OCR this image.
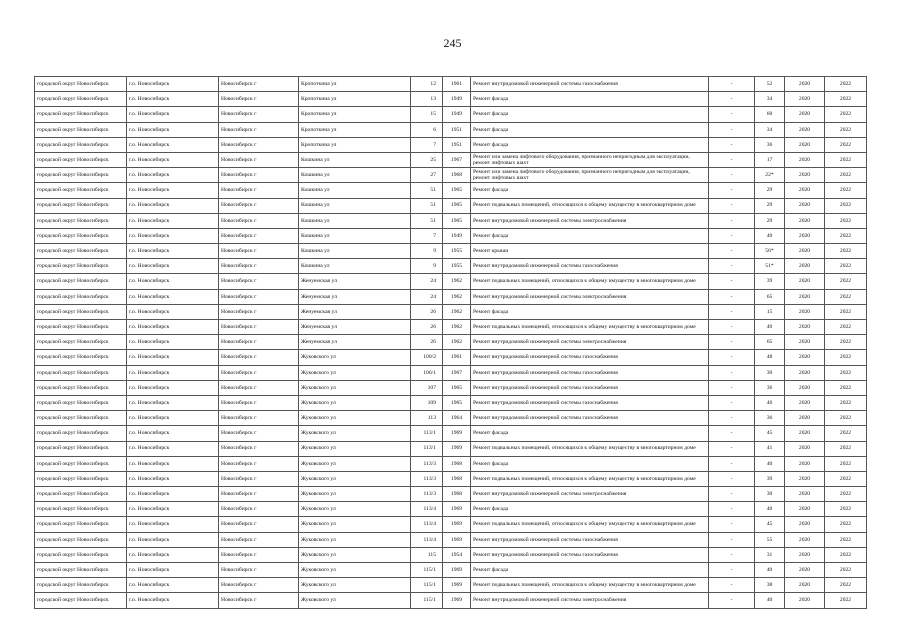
245
городской округ Новосибирск	г.о. Новосибирск	Новосибирск г	Кропоткина ул	12	1961	Ремонт внутридомовой инженерной системы газоснабжения	-	52	2020	2022
городской округ Новосибирск	г.о. Новосибирск	Новосибирск г	Кропоткина ул	13	1949	Ремонт фасада	-	34	2020	2022
городской округ Новосибирск	г.о. Новосибирск	Новосибирск г	Кропоткина ул	15	1949	Ремонт фасада	-	60	2020	2022
городской округ Новосибирск	г.о. Новосибирск	Новосибирск г	Кропоткина ул	6	1951	Ремонт фасада	-	34	2020	2022
городской округ Новосибирск	г.о. Новосибирск	Новосибирск г	Кропоткина ул	7	1951	Ремонт фасада	-	36	2020	2022
городской округ Новосибирск	г.о. Новосибирск	Новосибирск г	Кошкина ул	25	1967	Ремонт или замена лифтового оборудования, признанного непригодным для эксплуатации, ремонт лифтовых шахт	-	17	2020	2022
городской округ Новосибирск	г.о. Новосибирск	Новосибирск г	Кошкина ул	27	1968	Ремонт или замена лифтового оборудования, признанного непригодным для эксплуатации, ремонт лифтовых шахт	-	22*	2020	2022
городской округ Новосибирск	г.о. Новосибирск	Новосибирск г	Кошкина ул	51	1965	Ремонт фасада	-	29	2020	2022
городской округ Новосибирск	г.о. Новосибирск	Новосибирск г	Кошкина ул	51	1965	Ремонт подвальных помещений, относящихся к общему имуществу в многоквартирном доме	-	29	2020	2022
городской округ Новосибирск	г.о. Новосибирск	Новосибирск г	Кошкина ул	51	1965	Ремонт внутридомовой инженерной системы электроснабжения	-	29	2020	2022
городской округ Новосибирск	г.о. Новосибирск	Новосибирск г	Кошкина ул	7	1949	Ремонт фасада	-	40	2020	2022
городской округ Новосибирск	г.о. Новосибирск	Новосибирск г	Кошкина ул	9	1955	Ремонт крыши	-	56*	2020	2022
городской округ Новосибирск	г.о. Новосибирск	Новосибирск г	Кошкина ул	9	1955	Ремонт внутридомовой инженерной системы газоснабжения	-	51*	2020	2022
городской округ Новосибирск	г.о. Новосибирск	Новосибирск г	Женуемская ул	24	1962	Ремонт подвальных помещений, относящихся к общему имуществу в многоквартирном доме	-	39	2020	2022
городской округ Новосибирск	г.о. Новосибирск	Новосибирск г	Женуемская ул	24	1962	Ремонт внутридомовой инженерной системы электроснабжения	-	65	2020	2022
городской округ Новосибирск	г.о. Новосибирск	Новосибирск г	Женуемская ул	26	1962	Ремонт фасада	-	15	2020	2022
городской округ Новосибирск	г.о. Новосибирск	Новосибирск г	Женуемская ул	26	1962	Ремонт подвальных помещений, относящихся к общему имуществу в многоквартирном доме	-	40	2020	2022
городской округ Новосибирск	г.о. Новосибирск	Новосибирск г	Женуемская ул	26	1962	Ремонт внутридомовой инженерной системы электроснабжения	-	65	2020	2022
городской округ Новосибирск	г.о. Новосибирск	Новосибирск г	Жуковского ул	100/2	1961	Ремонт внутридомовой инженерной системы газоснабжения	-	48	2020	2022
городской округ Новосибирск	г.о. Новосибирск	Новосибирск г	Жуковского ул	106/1	1967	Ремонт внутридомовой инженерной системы газоснабжения	-	30	2020	2022
городской округ Новосибирск	г.о. Новосибирск	Новосибирск г	Жуковского ул	107	1965	Ремонт внутридомовой инженерной системы газоснабжения	-	36	2020	2022
городской округ Новосибирск	г.о. Новосибирск	Новосибирск г	Жуковского ул	109	1965	Ремонт внутридомовой инженерной системы газоснабжения	-	46	2020	2022
городской округ Новосибирск	г.о. Новосибирск	Новосибирск г	Жуковского ул	113	1964	Ремонт внутридомовой инженерной системы газоснабжения	-	36	2020	2022
городской округ Новосибирск	г.о. Новосибирск	Новосибирск г	Жуковского ул	113/1	1969	Ремонт фасада	-	45	2020	2022
городской округ Новосибирск	г.о. Новосибирск	Новосибирск г	Жуковского ул	113/1	1969	Ремонт подвальных помещений, относящихся к общему имуществу в многоквартирном доме	-	41	2020	2022
городской округ Новосибирск	г.о. Новосибирск	Новосибирск г	Жуковского ул	113/3	1968	Ремонт фасада	-	40	2020	2022
городской округ Новосибирск	г.о. Новосибирск	Новосибирск г	Жуковского ул	113/3	1968	Ремонт подвальных помещений, относящихся к общему имуществу в многоквартирном доме	-	39	2020	2022
городской округ Новосибирск	г.о. Новосибирск	Новосибирск г	Жуковского ул	113/3	1968	Ремонт внутридомовой инженерной системы электроснабжения	-	30	2020	2022
городской округ Новосибирск	г.о. Новосибирск	Новосибирск г	Жуковского ул	113/4	1969	Ремонт фасада	-	40	2020	2022
городской округ Новосибирск	г.о. Новосибирск	Новосибирск г	Жуковского ул	113/4	1969	Ремонт подвальных помещений, относящихся к общему имуществу в многоквартирном доме	-	45	2020	2022
городской округ Новосибирск	г.о. Новосибирск	Новосибирск г	Жуковского ул	113/4	1969	Ремонт внутридомовой инженерной системы газоснабжения	-	55	2020	2022
городской округ Новосибирск	г.о. Новосибирск	Новосибирск г	Жуковского ул	115	1954	Ремонт внутридомовой инженерной системы газоснабжения	-	31	2020	2022
городской округ Новосибирск	г.о. Новосибирск	Новосибирск г	Жуковского ул	115/1	1969	Ремонт фасада	-	40	2020	2022
городской округ Новосибирск	г.о. Новосибирск	Новосибирск г	Жуковского ул	115/1	1969	Ремонт подвальных помещений, относящихся к общему имуществу в многоквартирном доме	-	38	2020	2022
городской округ Новосибирск	г.о. Новосибирск	Новосибирск г	Жуковского ул	115/1	1969	Ремонт внутридомовой инженерной системы электроснабжения	-	40	2020	2022
